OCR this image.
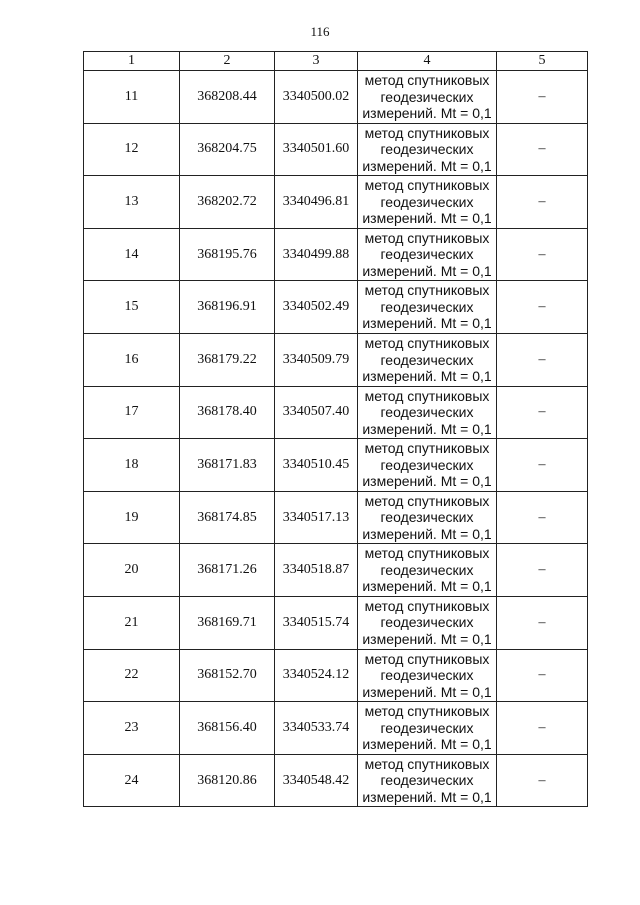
116
1	2	3	4	5
11	368208.44	3340500.02	метод спутниковых
геодезических
измерений. Mt = 0,1	–
12	368204.75	3340501.60	метод спутниковых
геодезических
измерений. Mt = 0,1	–
13	368202.72	3340496.81	метод спутниковых
геодезических
измерений. Mt = 0,1	–
14	368195.76	3340499.88	метод спутниковых
геодезических
измерений. Mt = 0,1	–
15	368196.91	3340502.49	метод спутниковых
геодезических
измерений. Mt = 0,1	–
16	368179.22	3340509.79	метод спутниковых
геодезических
измерений. Mt = 0,1	–
17	368178.40	3340507.40	метод спутниковых
геодезических
измерений. Mt = 0,1	–
18	368171.83	3340510.45	метод спутниковых
геодезических
измерений. Mt = 0,1	–
19	368174.85	3340517.13	метод спутниковых
геодезических
измерений. Mt = 0,1	–
20	368171.26	3340518.87	метод спутниковых
геодезических
измерений. Mt = 0,1	–
21	368169.71	3340515.74	метод спутниковых
геодезических
измерений. Mt = 0,1	–
22	368152.70	3340524.12	метод спутниковых
геодезических
измерений. Mt = 0,1	–
23	368156.40	3340533.74	метод спутниковых
геодезических
измерений. Mt = 0,1	–
24	368120.86	3340548.42	метод спутниковых
геодезических
измерений. Mt = 0,1	–
